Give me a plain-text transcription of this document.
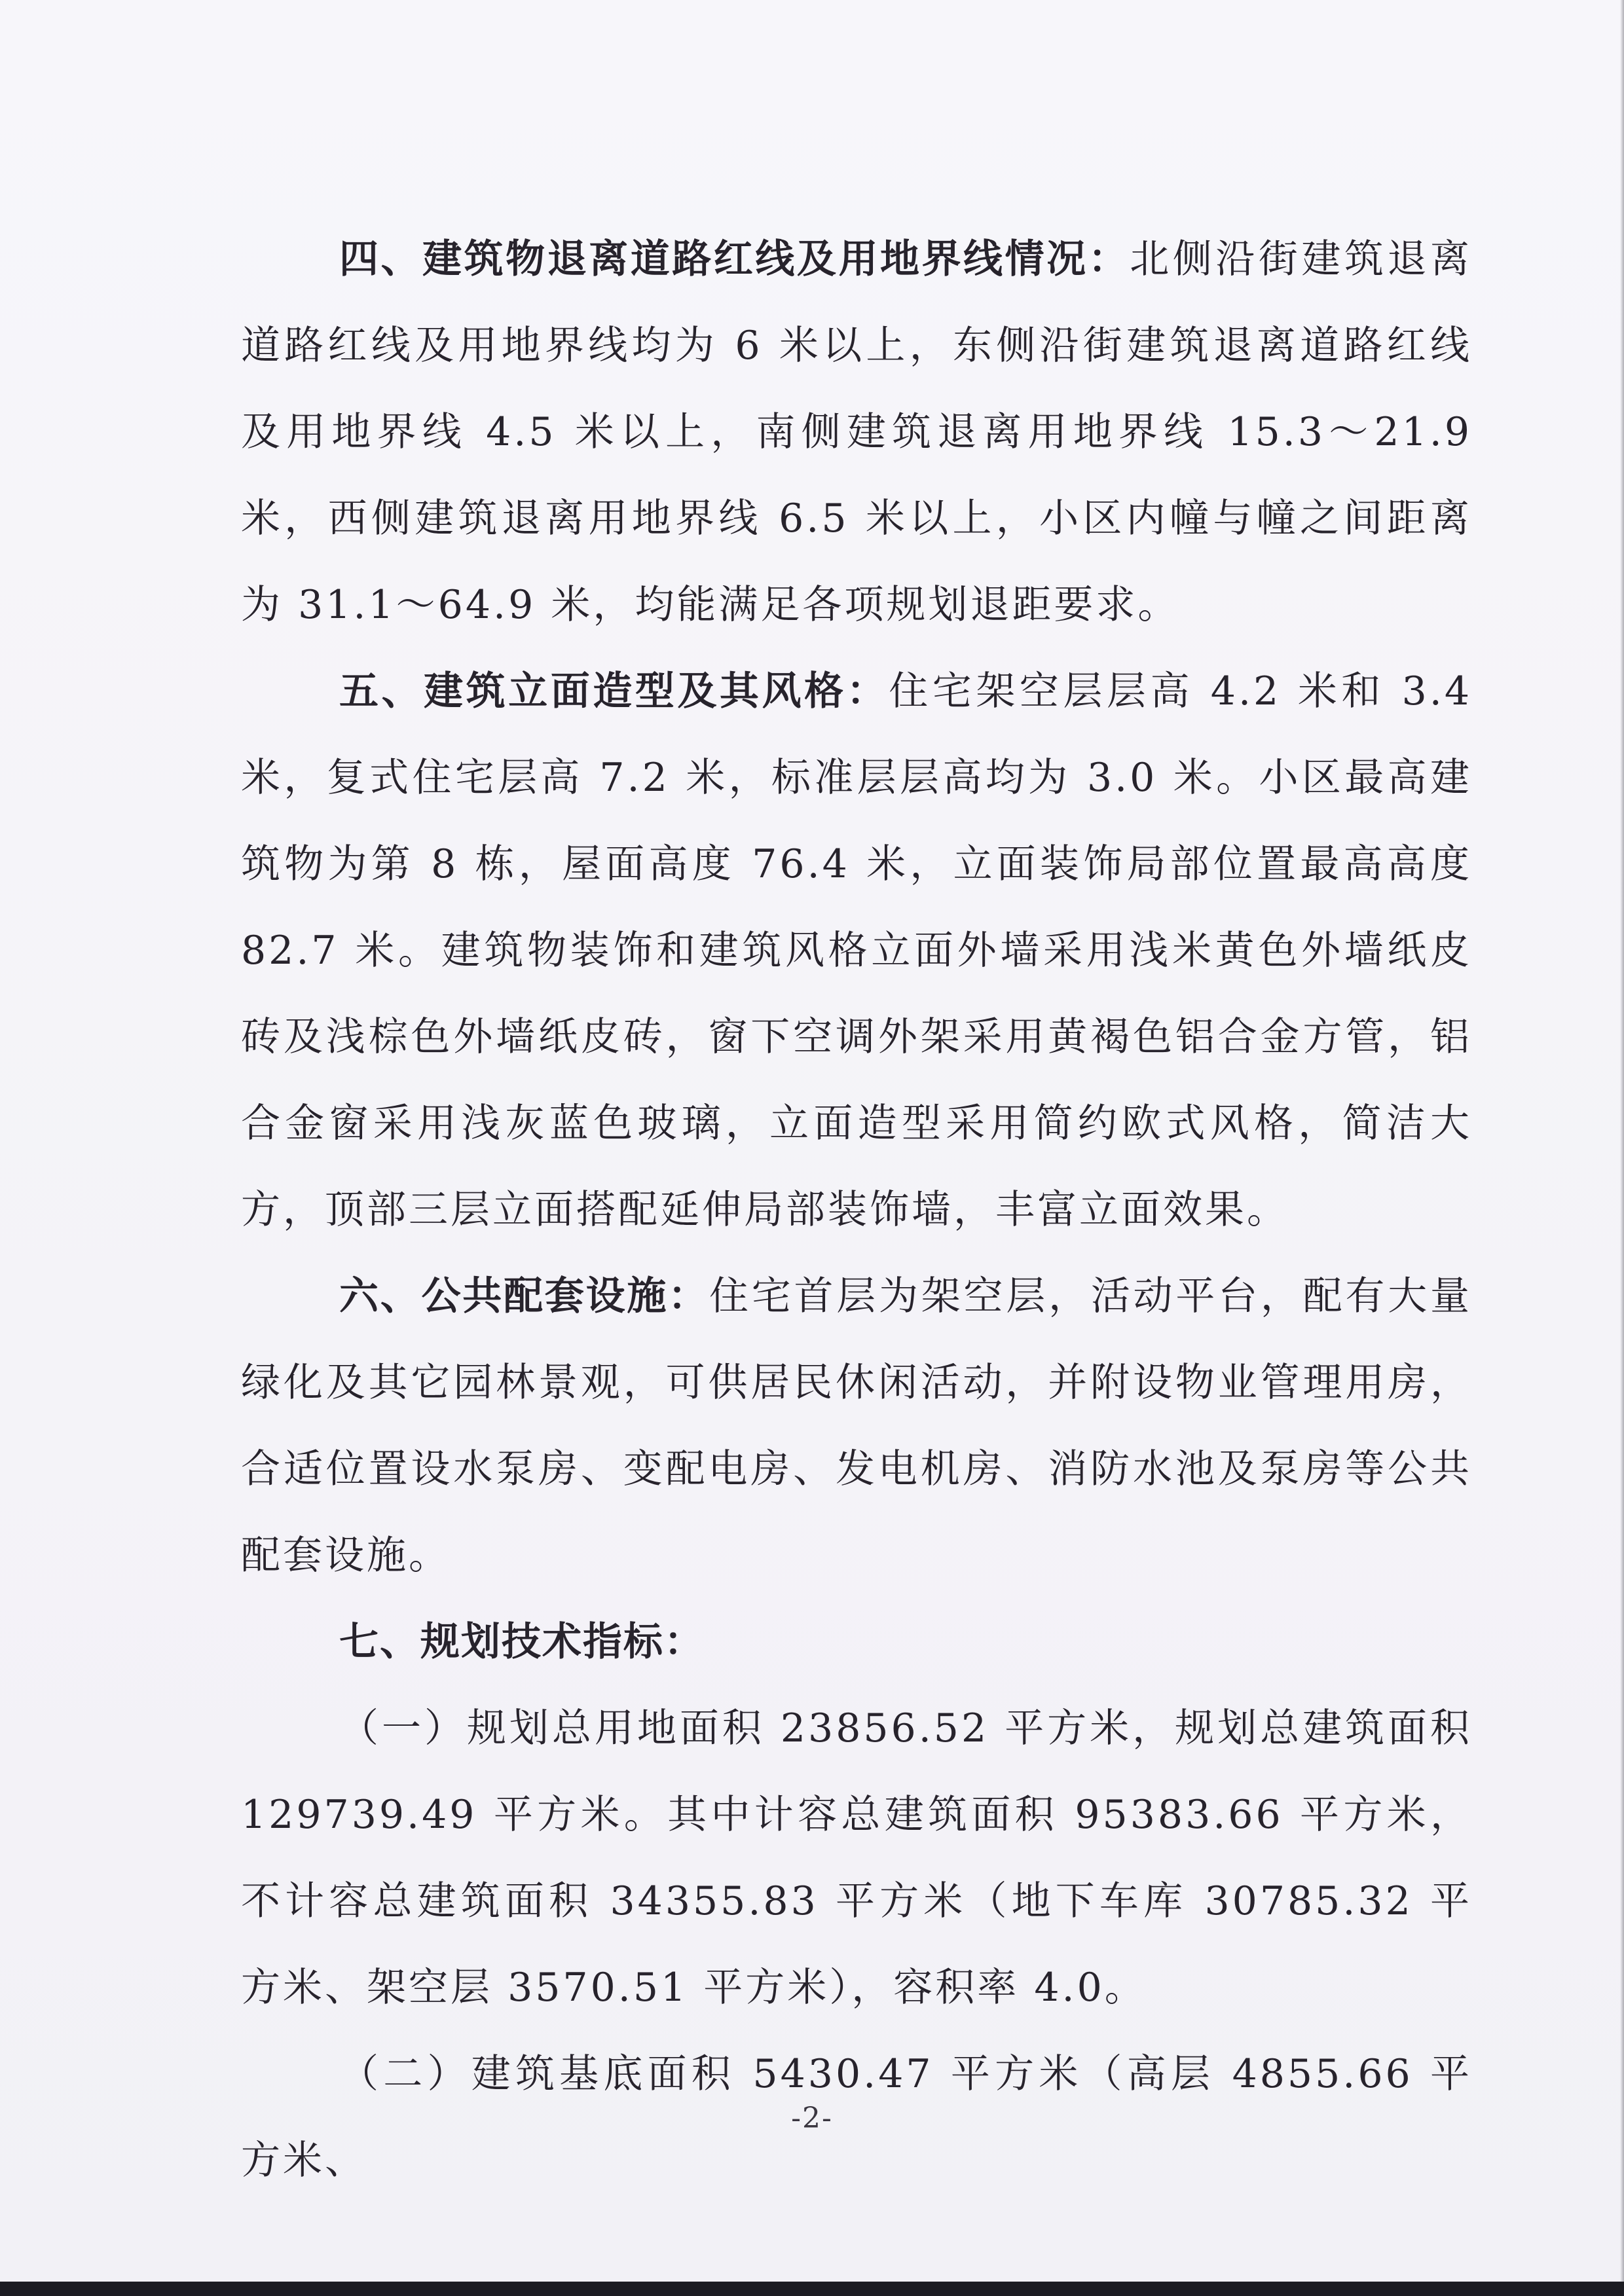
四、建筑物退离道路红线及用地界线情况：北侧沿街建筑退离道路红线及用地界线均为 6 米以上，东侧沿街建筑退离道路红线及用地界线 4.5 米以上，南侧建筑退离用地界线 15.3～21.9 米，西侧建筑退离用地界线 6.5 米以上，小区内幢与幢之间距离为 31.1～64.9 米，均能满足各项规划退距要求。

五、建筑立面造型及其风格：住宅架空层层高 4.2 米和 3.4 米，复式住宅层高 7.2 米，标准层层高均为 3.0 米。小区最高建筑物为第 8 栋，屋面高度 76.4 米，立面装饰局部位置最高高度 82.7 米。建筑物装饰和建筑风格立面外墙采用浅米黄色外墙纸皮砖及浅棕色外墙纸皮砖，窗下空调外架采用黄褐色铝合金方管，铝合金窗采用浅灰蓝色玻璃，立面造型采用简约欧式风格，简洁大方，顶部三层立面搭配延伸局部装饰墙，丰富立面效果。

六、公共配套设施：住宅首层为架空层，活动平台，配有大量绿化及其它园林景观，可供居民休闲活动，并附设物业管理用房，合适位置设水泵房、变配电房、发电机房、消防水池及泵房等公共配套设施。

七、规划技术指标：

（一）规划总用地面积 23856.52 平方米，规划总建筑面积 129739.49 平方米。其中计容总建筑面积 95383.66 平方米，不计容总建筑面积 34355.83 平方米（地下车库 30785.32 平方米、架空层 3570.51 平方米），容积率 4.0。

（二）建筑基底面积 5430.47 平方米（高层 4855.66 平方米、

-2-
